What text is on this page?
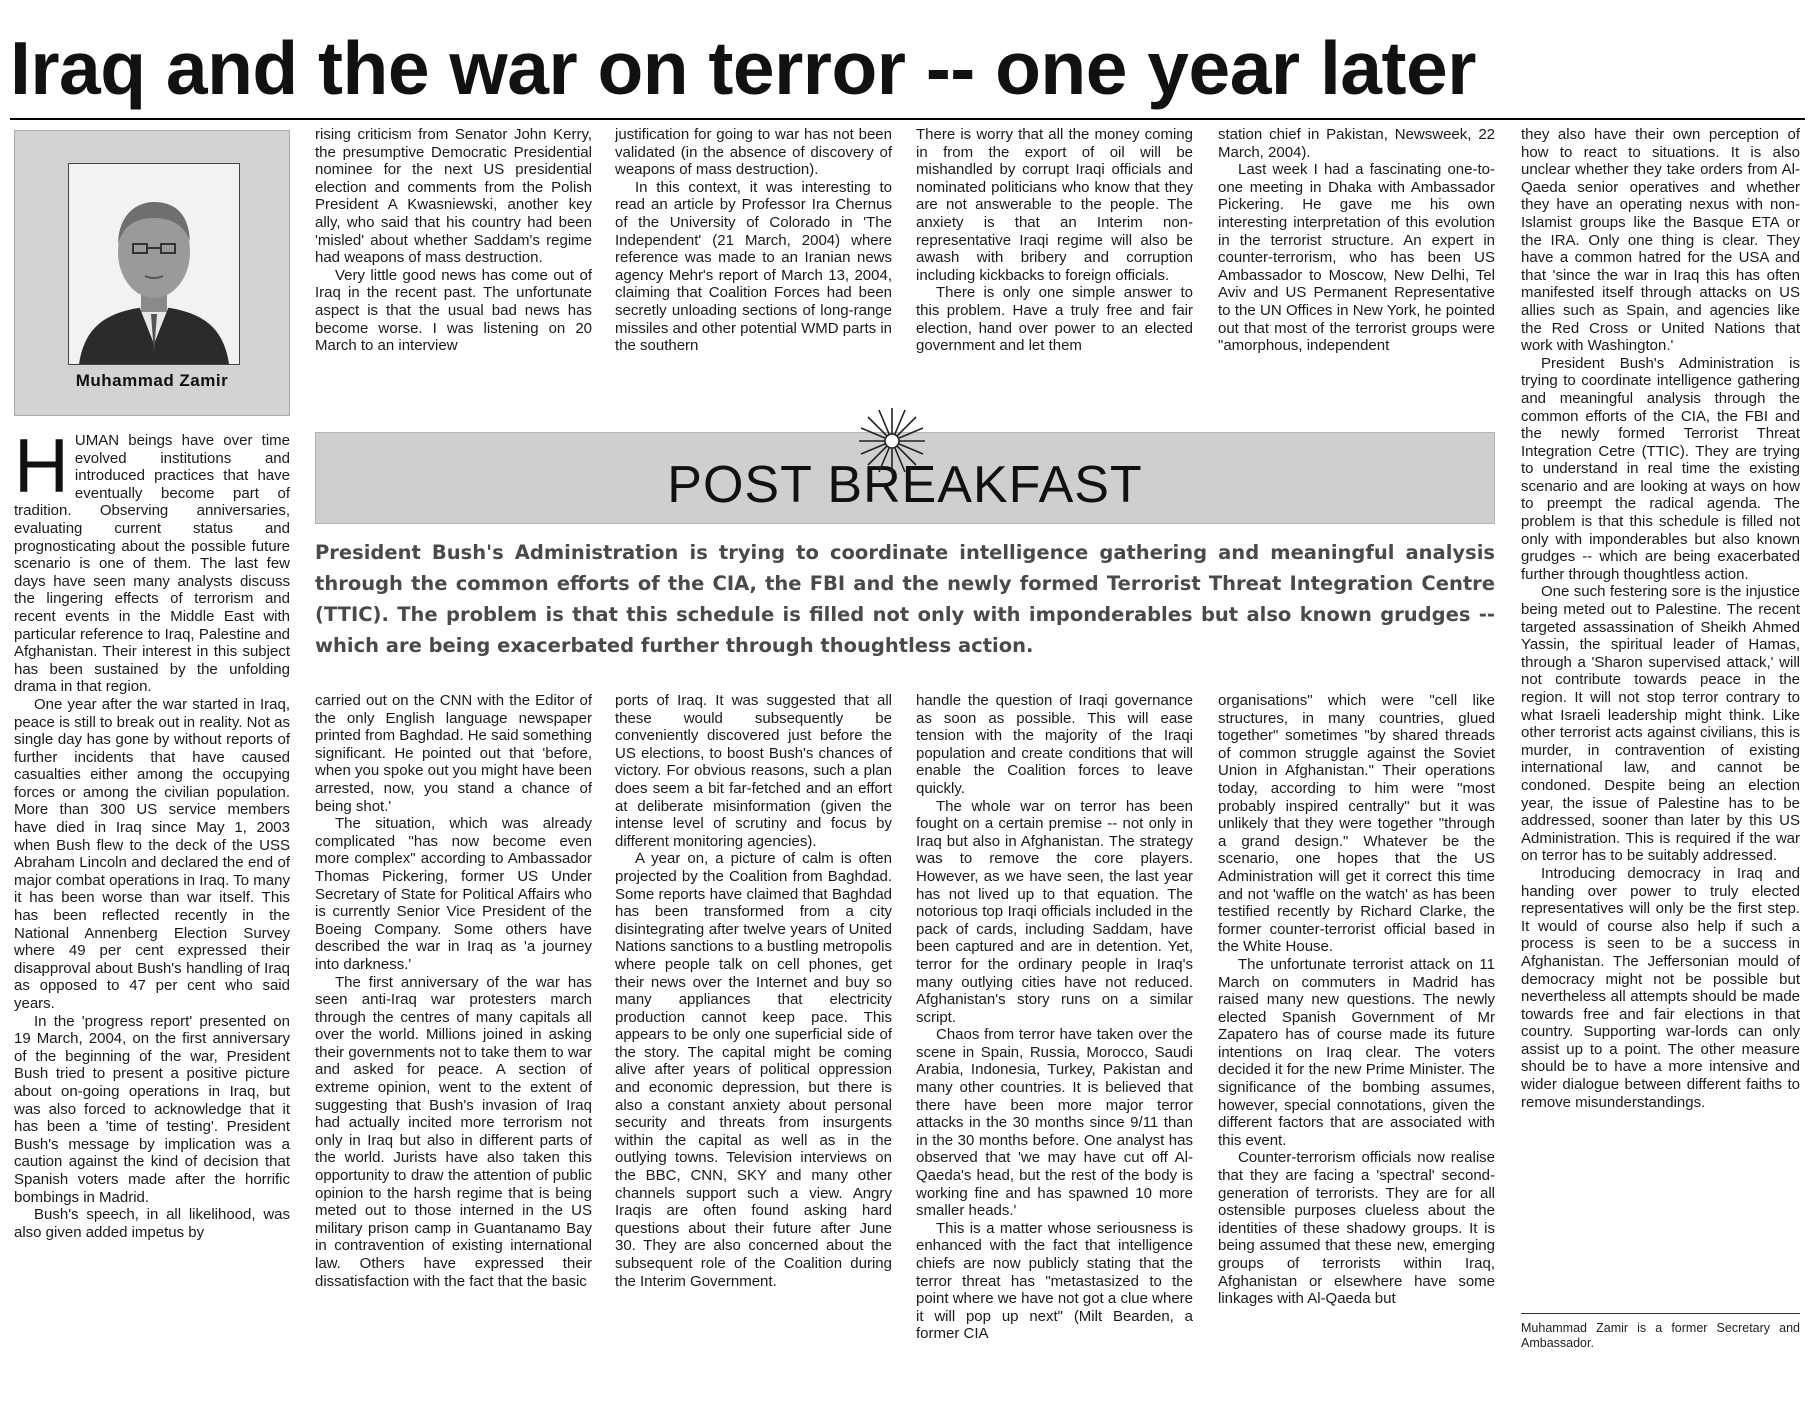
Iraq and the war on terror -- one year later
Muhammad Zamir

HUMAN beings have over time evolved institutions and introduced practices that have eventually become part of tradition. Observing anniversaries, evaluating current status and prognosticating about the possible future scenario is one of them. The last few days have seen many analysts discuss the lingering effects of terrorism and recent events in the Middle East with particular reference to Iraq, Palestine and Afghanistan. Their interest in this subject has been sustained by the unfolding drama in that region.

One year after the war started in Iraq, peace is still to break out in reality. Not as single day has gone by without reports of further incidents that have caused casualties either among the occupying forces or among the civilian population. More than 300 US service members have died in Iraq since May 1, 2003 when Bush flew to the deck of the USS Abraham Lincoln and declared the end of major combat operations in Iraq. To many it has been worse than war itself. This has been reflected recently in the National Annenberg Election Survey where 49 per cent expressed their disapproval about Bush's handling of Iraq as opposed to 47 per cent who said years.

In the 'progress report' presented on 19 March, 2004, on the first anniversary of the beginning of the war, President Bush tried to present a positive picture about on-going operations in Iraq, but was also forced to acknowledge that it has been a 'time of testing'. President Bush's message by implication was a caution against the kind of decision that Spanish voters made after the horrific bombings in Madrid.

Bush's speech, in all likelihood, was also given added impetus by

rising criticism from Senator John Kerry, the presumptive Democratic Presidential nominee for the next US presidential election and comments from the Polish President A Kwasniewski, another key ally, who said that his country had been 'misled' about whether Saddam's regime had weapons of mass destruction.

Very little good news has come out of Iraq in the recent past. The unfortunate aspect is that the usual bad news has become worse. I was listening on 20 March to an interview

justification for going to war has not been validated (in the absence of discovery of weapons of mass destruction).

In this context, it was interesting to read an article by Professor Ira Chernus of the University of Colorado in 'The Independent' (21 March, 2004) where reference was made to an Iranian news agency Mehr's report of March 13, 2004, claiming that Coalition Forces had been secretly unloading sections of long-range missiles and other potential WMD parts in the southern

There is worry that all the money coming in from the export of oil will be mishandled by corrupt Iraqi officials and nominated politicians who know that they are not answerable to the people. The anxiety is that an Interim non-representative Iraqi regime will also be awash with bribery and corruption including kickbacks to foreign officials.

There is only one simple answer to this problem. Have a truly free and fair election, hand over power to an elected government and let them

station chief in Pakistan, Newsweek, 22 March, 2004).

Last week I had a fascinating one-to-one meeting in Dhaka with Ambassador Pickering. He gave me his own interesting interpretation of this evolution in the terrorist structure. An expert in counter-terrorism, who has been US Ambassador to Moscow, New Delhi, Tel Aviv and US Permanent Representative to the UN Offices in New York, he pointed out that most of the terrorist groups were "amorphous, independent

POST BREAKFAST

President Bush's Administration is trying to coordinate intelligence gathering and meaningful analysis through the common efforts of the CIA, the FBI and the newly formed Terrorist Threat Integration Centre (TTIC). The problem is that this schedule is filled not only with imponderables but also known grudges -- which are being exacerbated further through thoughtless action.

carried out on the CNN with the Editor of the only English language newspaper printed from Baghdad. He said something significant. He pointed out that 'before, when you spoke out you might have been arrested, now, you stand a chance of being shot.'

The situation, which was already complicated "has now become even more complex" according to Ambassador Thomas Pickering, former US Under Secretary of State for Political Affairs who is currently Senior Vice President of the Boeing Company. Some others have described the war in Iraq as 'a journey into darkness.'

The first anniversary of the war has seen anti-Iraq war protesters march through the centres of many capitals all over the world. Millions joined in asking their governments not to take them to war and asked for peace. A section of extreme opinion, went to the extent of suggesting that Bush's invasion of Iraq had actually incited more terrorism not only in Iraq but also in different parts of the world. Jurists have also taken this opportunity to draw the attention of public opinion to the harsh regime that is being meted out to those interned in the US military prison camp in Guantanamo Bay in contravention of existing international law. Others have expressed their dissatisfaction with the fact that the basic

ports of Iraq. It was suggested that all these would subsequently be conveniently discovered just before the US elections, to boost Bush's chances of victory. For obvious reasons, such a plan does seem a bit far-fetched and an effort at deliberate misinformation (given the intense level of scrutiny and focus by different monitoring agencies).

A year on, a picture of calm is often projected by the Coalition from Baghdad. Some reports have claimed that Baghdad has been transformed from a city disintegrating after twelve years of United Nations sanctions to a bustling metropolis where people talk on cell phones, get their news over the Internet and buy so many appliances that electricity production cannot keep pace. This appears to be only one superficial side of the story. The capital might be coming alive after years of political oppression and economic depression, but there is also a constant anxiety about personal security and threats from insurgents within the capital as well as in the outlying towns. Television interviews on the BBC, CNN, SKY and many other channels support such a view. Angry Iraqis are often found asking hard questions about their future after June 30. They are also concerned about the subsequent role of the Coalition during the Interim Government.

handle the question of Iraqi governance as soon as possible. This will ease tension with the majority of the Iraqi population and create conditions that will enable the Coalition forces to leave quickly.

The whole war on terror has been fought on a certain premise -- not only in Iraq but also in Afghanistan. The strategy was to remove the core players. However, as we have seen, the last year has not lived up to that equation. The notorious top Iraqi officials included in the pack of cards, including Saddam, have been captured and are in detention. Yet, terror for the ordinary people in Iraq's many outlying cities have not reduced. Afghanistan's story runs on a similar script.

Chaos from terror have taken over the scene in Spain, Russia, Morocco, Saudi Arabia, Indonesia, Turkey, Pakistan and many other countries. It is believed that there have been more major terror attacks in the 30 months since 9/11 than in the 30 months before. One analyst has observed that 'we may have cut off Al-Qaeda's head, but the rest of the body is working fine and has spawned 10 more smaller heads.'

This is a matter whose seriousness is enhanced with the fact that intelligence chiefs are now publicly stating that the terror threat has "metastasized to the point where we have not got a clue where it will pop up next" (Milt Bearden, a former CIA

organisations" which were "cell like structures, in many countries, glued together" sometimes "by shared threads of common struggle against the Soviet Union in Afghanistan." Their operations today, according to him were "most probably inspired centrally" but it was unlikely that they were together "through a grand design." Whatever be the scenario, one hopes that the US Administration will get it correct this time and not 'waffle on the watch' as has been testified recently by Richard Clarke, the former counter-terrorist official based in the White House.

The unfortunate terrorist attack on 11 March on commuters in Madrid has raised many new questions. The newly elected Spanish Government of Mr Zapatero has of course made its future intentions on Iraq clear. The voters decided it for the new Prime Minister. The significance of the bombing assumes, however, special connotations, given the different factors that are associated with this event.

Counter-terrorism officials now realise that they are facing a 'spectral' second-generation of terrorists. They are for all ostensible purposes clueless about the identities of these shadowy groups. It is being assumed that these new, emerging groups of terrorists within Iraq, Afghanistan or elsewhere have some linkages with Al-Qaeda but

they also have their own perception of how to react to situations. It is also unclear whether they take orders from Al-Qaeda senior operatives and whether they have an operating nexus with non-Islamist groups like the Basque ETA or the IRA. Only one thing is clear. They have a common hatred for the USA and that 'since the war in Iraq this has often manifested itself through attacks on US allies such as Spain, and agencies like the Red Cross or United Nations that work with Washington.'

President Bush's Administration is trying to coordinate intelligence gathering and meaningful analysis through the common efforts of the CIA, the FBI and the newly formed Terrorist Threat Integration Cetre (TTIC). They are trying to understand in real time the existing scenario and are looking at ways on how to preempt the radical agenda. The problem is that this schedule is filled not only with imponderables but also known grudges -- which are being exacerbated further through thoughtless action.

One such festering sore is the injustice being meted out to Palestine. The recent targeted assassination of Sheikh Ahmed Yassin, the spiritual leader of Hamas, through a 'Sharon supervised attack,' will not contribute towards peace in the region. It will not stop terror contrary to what Israeli leadership might think. Like other terrorist acts against civilians, this is murder, in contravention of existing international law, and cannot be condoned. Despite being an election year, the issue of Palestine has to be addressed, sooner than later by this US Administration. This is required if the war on terror has to be suitably addressed.

Introducing democracy in Iraq and handing over power to truly elected representatives will only be the first step. It would of course also help if such a process is seen to be a success in Afghanistan. The Jeffersonian mould of democracy might not be possible but nevertheless all attempts should be made towards free and fair elections in that country. Supporting war-lords can only assist up to a point. The other measure should be to have a more intensive and wider dialogue between different faiths to remove misunderstandings.

Muhammad Zamir is a former Secretary and Ambassador.
